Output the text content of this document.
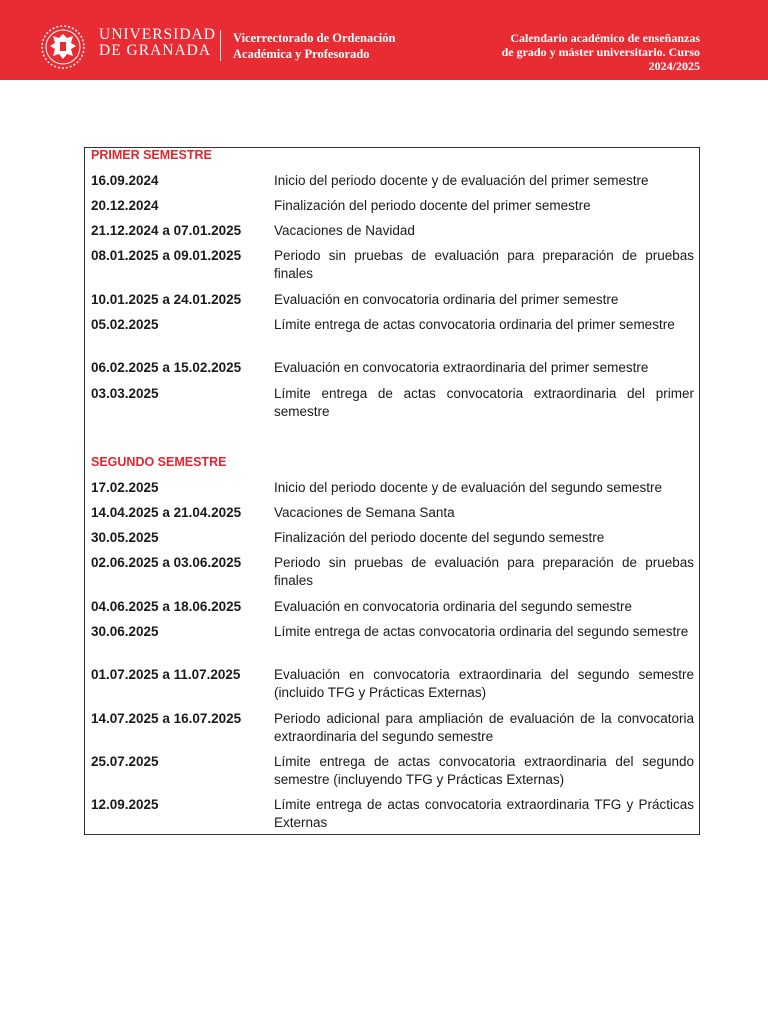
UNIVERSIDAD
DE GRANADA
Vicerrectorado de Ordenación
Académica y Profesorado
Calendario académico de enseñanzas
de grado y máster universitario. Curso
2024/2025
PRIMER SEMESTRE
16.09.2024	Inicio del periodo docente y de evaluación del primer semestre
20.12.2024	Finalización del periodo docente del primer semestre
21.12.2024 a 07.01.2025	Vacaciones de Navidad
08.01.2025 a 09.01.2025	Periodo sin pruebas de evaluación para preparación de pruebas finales
10.01.2025 a 24.01.2025	Evaluación en convocatoria ordinaria del primer semestre
05.02.2025	Límite entrega de actas convocatoria ordinaria del primer semestre
06.02.2025 a 15.02.2025	Evaluación en convocatoria extraordinaria del primer semestre
03.03.2025	Límite entrega de actas convocatoria extraordinaria del primer semestre
SEGUNDO SEMESTRE
17.02.2025	Inicio del periodo docente y de evaluación del segundo semestre
14.04.2025 a 21.04.2025	Vacaciones de Semana Santa
30.05.2025	Finalización del periodo docente del segundo semestre
02.06.2025 a 03.06.2025	Periodo sin pruebas de evaluación para preparación de pruebas finales
04.06.2025 a 18.06.2025	Evaluación en convocatoria ordinaria del segundo semestre
30.06.2025	Límite entrega de actas convocatoria ordinaria del segundo semestre
01.07.2025 a 11.07.2025	Evaluación en convocatoria extraordinaria del segundo semestre (incluido TFG y Prácticas Externas)
14.07.2025 a 16.07.2025	Periodo adicional para ampliación de evaluación de la convocatoria extraordinaria del segundo semestre
25.07.2025	Límite entrega de actas convocatoria extraordinaria del segundo semestre (incluyendo TFG y Prácticas Externas)
12.09.2025	Límite entrega de actas convocatoria extraordinaria TFG y Prácticas Externas
